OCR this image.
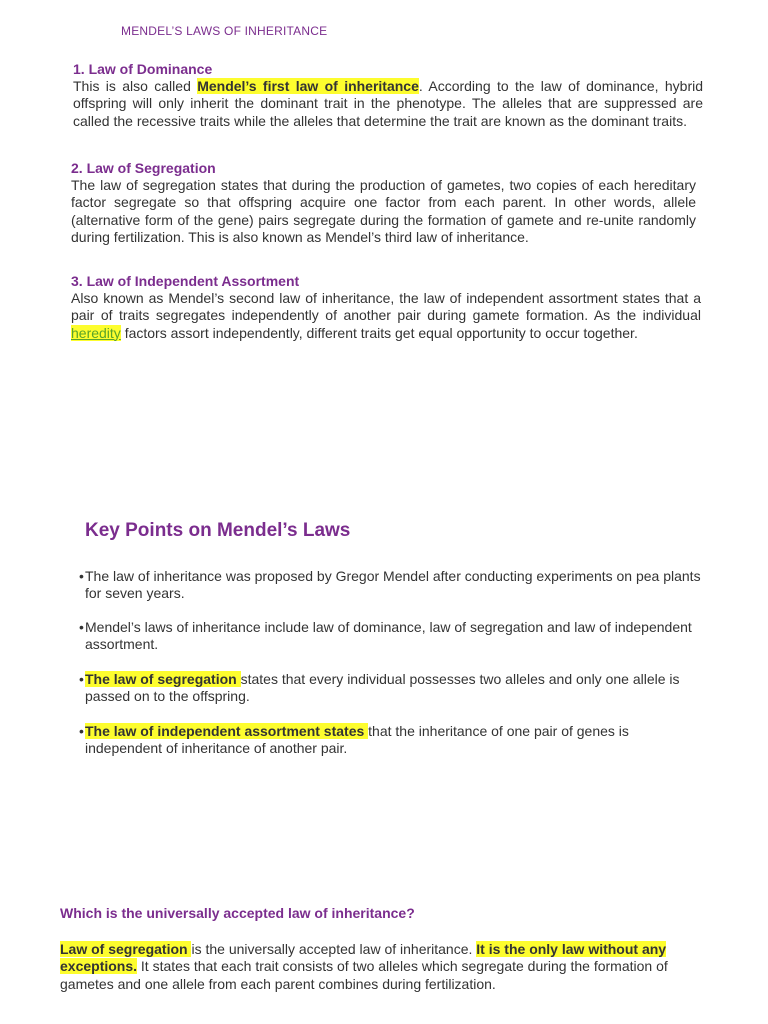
MENDEL’S LAWS OF INHERITANCE
1. Law of Dominance

This is also called Mendel’s first law of inheritance. According to the law of dominance, hybrid offspring will only inherit the dominant trait in the phenotype. The alleles that are suppressed are called the recessive traits while the alleles that determine the trait are known as the dominant traits.

2. Law of Segregation

The law of segregation states that during the production of gametes, two copies of each hereditary factor segregate so that offspring acquire one factor from each parent. In other words, allele (alternative form of the gene) pairs segregate during the formation of gamete and re-unite randomly during fertilization. This is also known as Mendel’s third law of inheritance.

3. Law of Independent Assortment

Also known as Mendel’s second law of inheritance, the law of independent assortment states that a pair of traits segregates independently of another pair during gamete formation. As the individual heredity factors assort independently, different traits get equal opportunity to occur together.

Key Points on Mendel’s Laws

•The law of inheritance was proposed by Gregor Mendel after conducting experiments on pea plants for seven years.

•Mendel’s laws of inheritance include law of dominance, law of segregation and law of independent assortment.

•The law of segregation states that every individual possesses two alleles and only one allele is passed on to the offspring.

•The law of independent assortment states that the inheritance of one pair of genes is independent of inheritance of another pair.

Which is the universally accepted law of inheritance?

Law of segregation is the universally accepted law of inheritance. It is the only law without any exceptions. It states that each trait consists of two alleles which segregate during the formation of gametes and one allele from each parent combines during fertilization.
